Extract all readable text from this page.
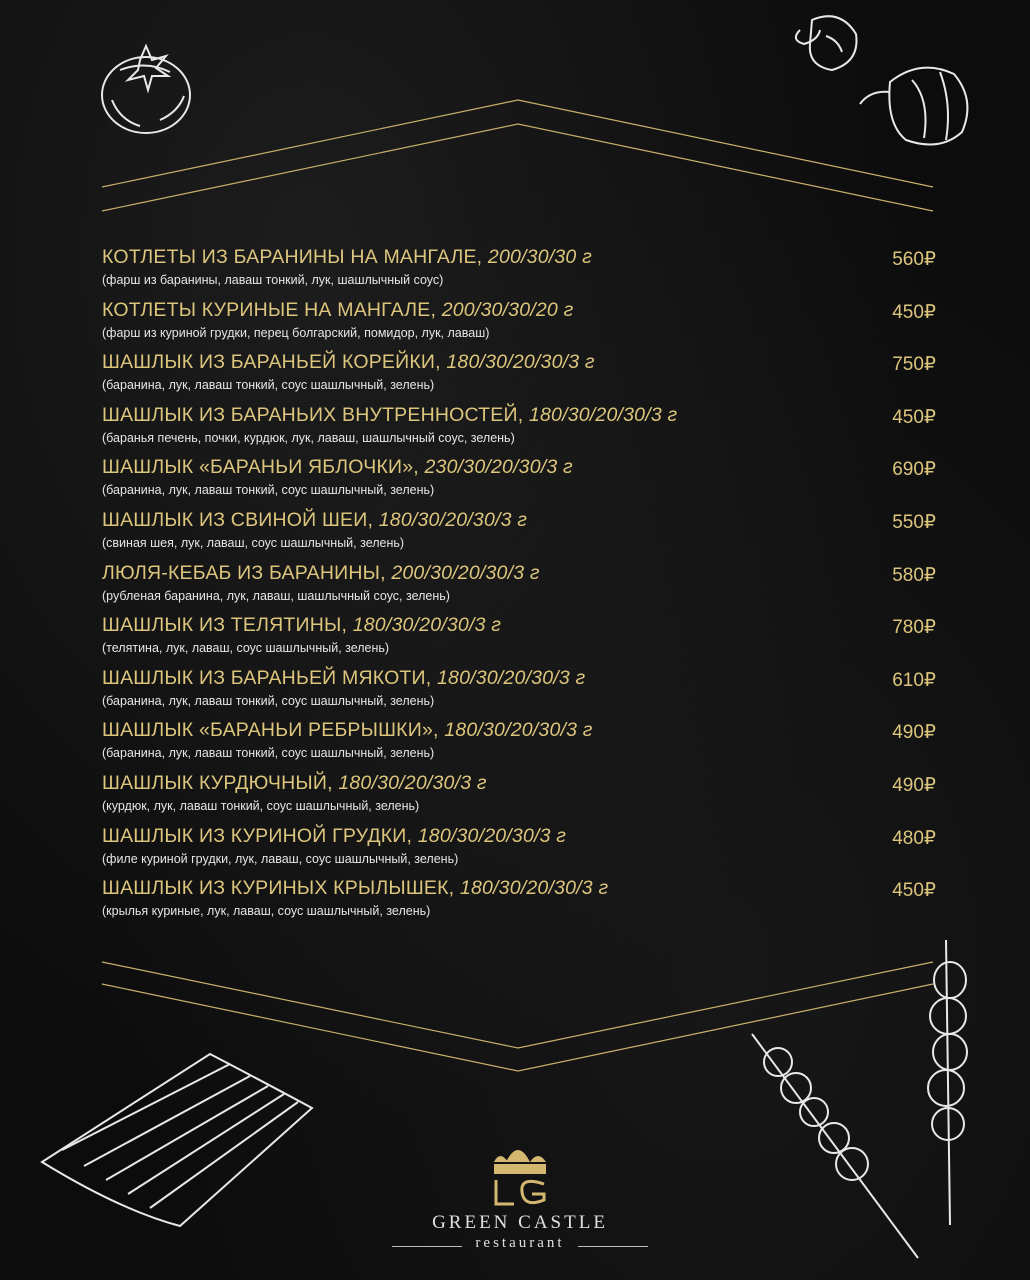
КОТЛЕТЫ ИЗ БАРАНИНЫ НА МАНГАЛЕ, 200/30/30 г
(фарш из баранины, лаваш тонкий, лук, шашлычный соус)
560₽
КОТЛЕТЫ КУРИНЫЕ НА МАНГАЛЕ, 200/30/30/20 г
(фарш из куриной грудки, перец болгарский, помидор, лук, лаваш)
450₽
ШАШЛЫК ИЗ БАРАНЬЕЙ КОРЕЙКИ, 180/30/20/30/3 г
(баранина, лук, лаваш тонкий, соус шашлычный, зелень)
750₽
ШАШЛЫК ИЗ БАРАНЬИХ ВНУТРЕННОСТЕЙ, 180/30/20/30/3 г
(баранья печень, почки, курдюк, лук, лаваш, шашлычный соус, зелень)
450₽
ШАШЛЫК «БАРАНЬИ ЯБЛОЧКИ», 230/30/20/30/3 г
(баранина, лук, лаваш тонкий, соус шашлычный, зелень)
690₽
ШАШЛЫК ИЗ СВИНОЙ ШЕИ, 180/30/20/30/3 г
(свиная шея, лук, лаваш, соус шашлычный, зелень)
550₽
ЛЮЛЯ-КЕБАБ ИЗ БАРАНИНЫ, 200/30/20/30/3 г
(рубленая баранина, лук, лаваш, шашлычный соус, зелень)
580₽
ШАШЛЫК ИЗ ТЕЛЯТИНЫ, 180/30/20/30/3 г
(телятина, лук, лаваш, соус шашлычный, зелень)
780₽
ШАШЛЫК ИЗ БАРАНЬЕЙ МЯКОТИ, 180/30/20/30/3 г
(баранина, лук, лаваш тонкий, соус шашлычный, зелень)
610₽
ШАШЛЫК «БАРАНЬИ РЕБРЫШКИ», 180/30/20/30/3 г
(баранина, лук, лаваш тонкий, соус шашлычный, зелень)
490₽
ШАШЛЫК КУРДЮЧНЫЙ, 180/30/20/30/3 г
(курдюк, лук, лаваш тонкий, соус шашлычный, зелень)
490₽
ШАШЛЫК ИЗ КУРИНОЙ ГРУДКИ, 180/30/20/30/3 г
(филе куриной грудки, лук, лаваш, соус шашлычный, зелень)
480₽
ШАШЛЫК ИЗ КУРИНЫХ КРЫЛЫШЕК, 180/30/20/30/3 г
(крылья куриные, лук, лаваш, соус шашлычный, зелень)
450₽
GREEN CASTLE
restaurant
